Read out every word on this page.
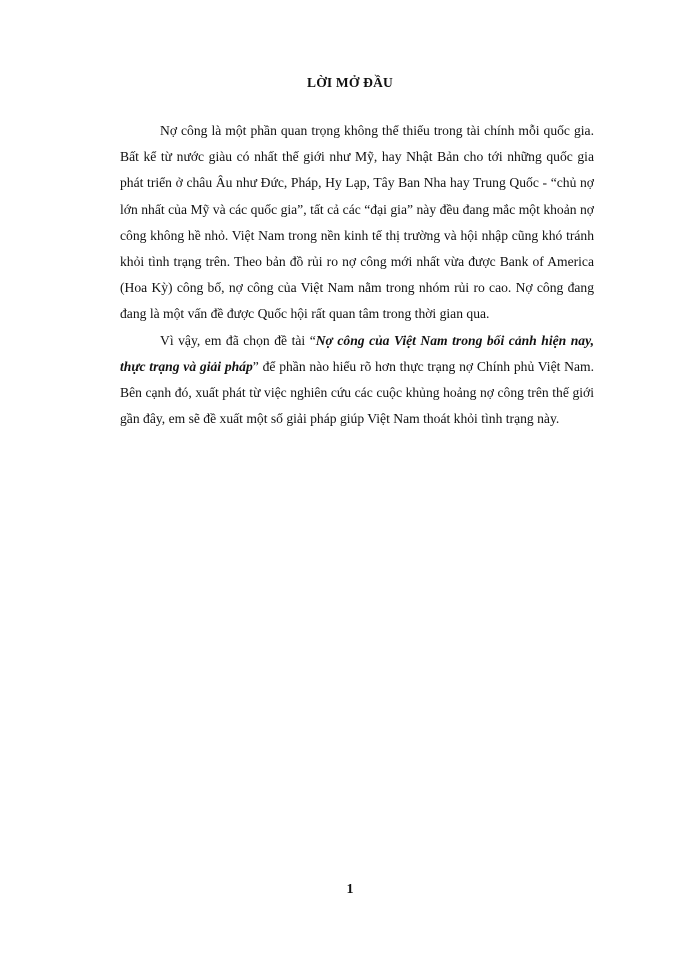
LỜI MỞ ĐẦU

Nợ công là một phần quan trọng không thể thiếu trong tài chính mỗi quốc gia. Bất kể từ nước giàu có nhất thế giới như Mỹ, hay Nhật Bản cho tới những quốc gia phát triển ở châu Âu như Đức, Pháp, Hy Lạp, Tây Ban Nha hay Trung Quốc - “chủ nợ lớn nhất của Mỹ và các quốc gia”, tất cả các “đại gia” này đều đang mắc một khoản nợ công không hề nhỏ. Việt Nam trong nền kinh tế thị trường và hội nhập cũng khó tránh khỏi tình trạng trên. Theo bản đồ rủi ro nợ công mới nhất vừa được Bank of America (Hoa Kỳ) công bố, nợ công của Việt Nam nằm trong nhóm rủi ro cao. Nợ công đang đang là một vấn đề được Quốc hội rất quan tâm trong thời gian qua.

Vì vậy, em đã chọn đề tài “Nợ công của Việt Nam trong bối cảnh hiện nay, thực trạng và giải pháp” để phần nào hiểu rõ hơn thực trạng nợ Chính phủ Việt Nam. Bên cạnh đó, xuất phát từ việc nghiên cứu các cuộc khủng hoảng nợ công trên thế giới gần đây, em sẽ đề xuất một số giải pháp giúp Việt Nam thoát khỏi tình trạng này.

1
